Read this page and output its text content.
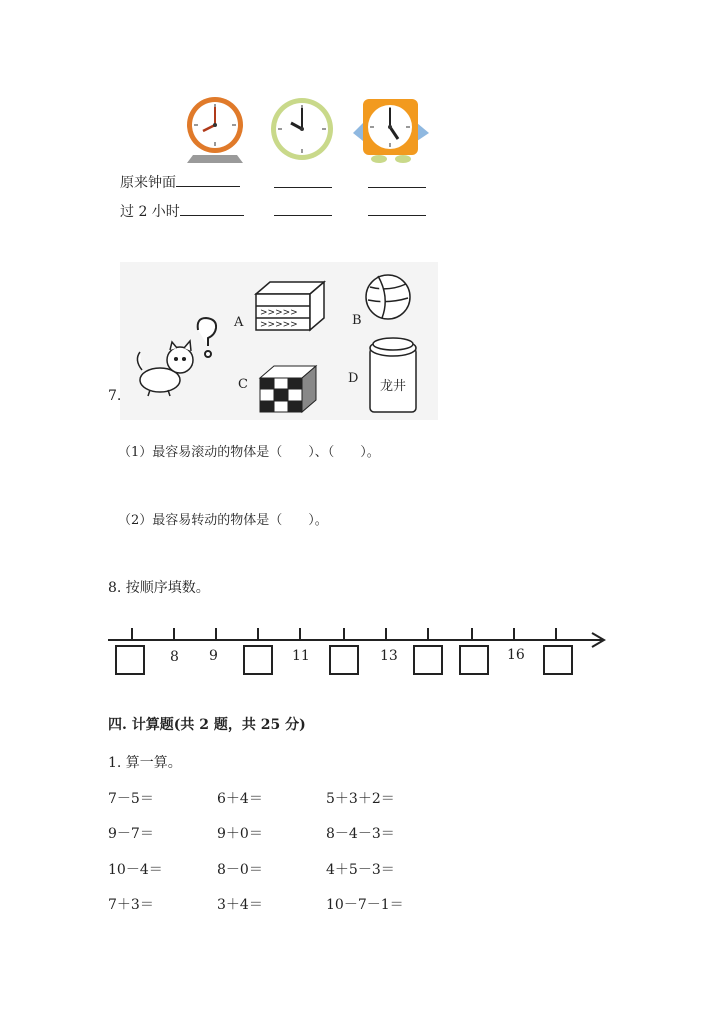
原来钟面
过 2 小时
>>>>>
>>>>>
龙井
A	B
C	D
7.
（1）最容易滚动的物体是（　　）、（　　）。
（2）最容易转动的物体是（　　）。
8. 按顺序填数。
8 9	11	13	16
四. 计算题(共 2 题，共 25 分)
1. 算一算。
7－5＝	6＋4＝	5＋3＋2＝
9－7＝	9＋0＝	8－4－3＝
10－4＝	8－0＝	4＋5－3＝
7＋3＝	3＋4＝	10－7－1＝
